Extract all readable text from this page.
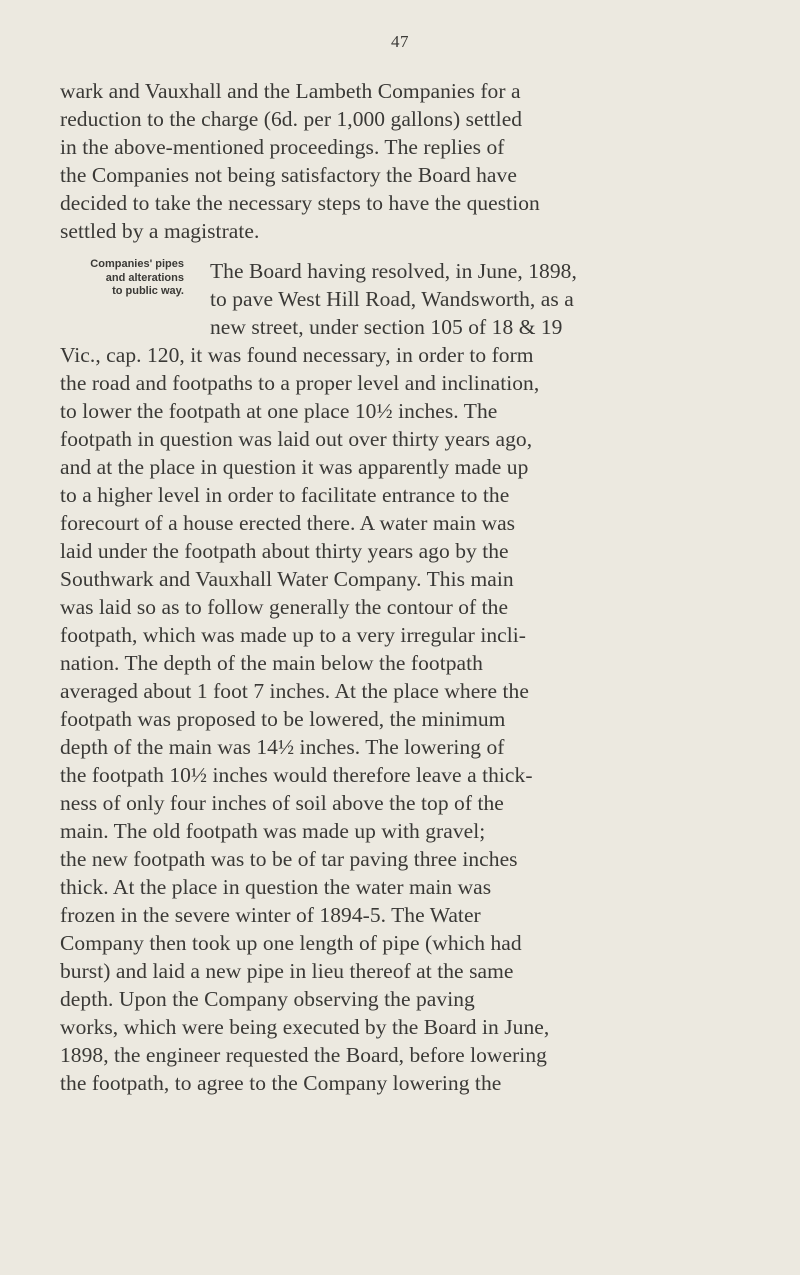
47
Companies' pipes
and alterations
to public way.
wark and Vauxhall and the Lambeth Companies for a
reduction to the charge (6d. per 1,000 gallons) settled
in the above-mentioned proceedings. The replies of
the Companies not being satisfactory the Board have
decided to take the necessary steps to have the question
settled by a magistrate.
The Board having resolved, in June, 1898,
to pave West Hill Road, Wandsworth, as a
new street, under section 105 of 18 & 19
Vic., cap. 120, it was found necessary, in order to form
the road and footpaths to a proper level and inclination,
to lower the footpath at one place 10½ inches. The
footpath in question was laid out over thirty years ago,
and at the place in question it was apparently made up
to a higher level in order to facilitate entrance to the
forecourt of a house erected there. A water main was
laid under the footpath about thirty years ago by the
Southwark and Vauxhall Water Company. This main
was laid so as to follow generally the contour of the
footpath, which was made up to a very irregular incli-
nation. The depth of the main below the footpath
averaged about 1 foot 7 inches. At the place where the
footpath was proposed to be lowered, the minimum
depth of the main was 14½ inches. The lowering of
the footpath 10½ inches would therefore leave a thick-
ness of only four inches of soil above the top of the
main. The old footpath was made up with gravel;
the new footpath was to be of tar paving three inches
thick. At the place in question the water main was
frozen in the severe winter of 1894-5. The Water
Company then took up one length of pipe (which had
burst) and laid a new pipe in lieu thereof at the same
depth. Upon the Company observing the paving
works, which were being executed by the Board in June,
1898, the engineer requested the Board, before lowering
the footpath, to agree to the Company lowering the
